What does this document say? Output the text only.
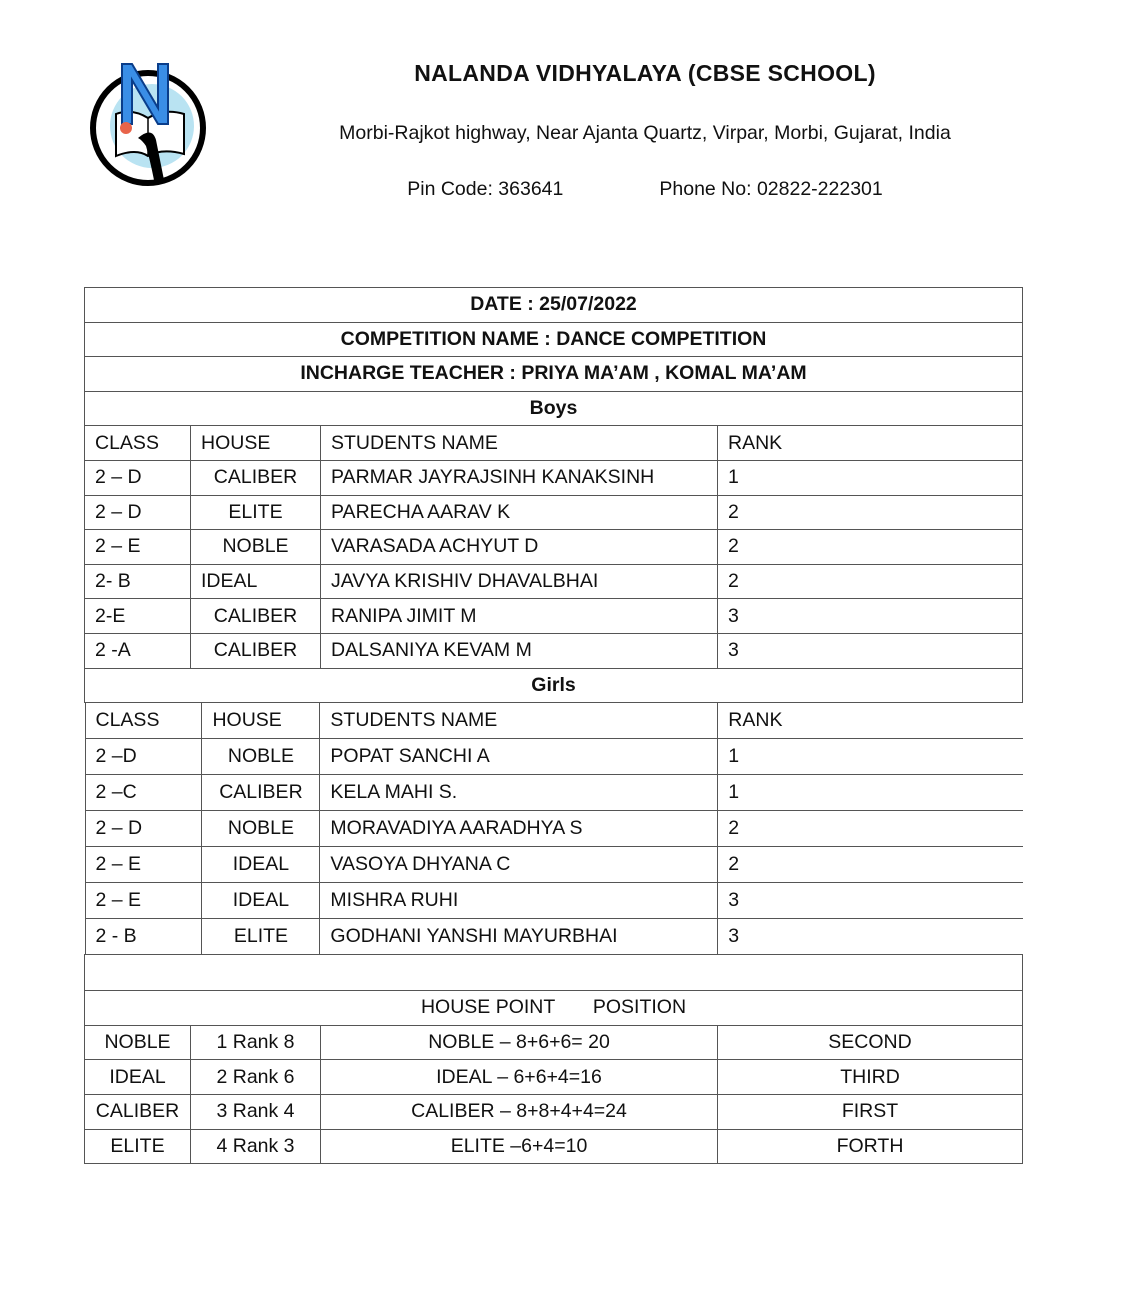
NALANDA VIDHYALAYA (CBSE SCHOOL)
Morbi-Rajkot highway, Near Ajanta Quartz, Virpar, Morbi, Gujarat, India
Pin Code: 363641	Phone No: 02822-222301
DATE : 25/07/2022
COMPETITION NAME : DANCE COMPETITION
INCHARGE TEACHER : PRIYA MA’AM , KOMAL MA’AM
Boys
CLASS	HOUSE	STUDENTS NAME	RANK
2 – D	CALIBER	PARMAR JAYRAJSINH KANAKSINH	1
2 – D	ELITE	PARECHA AARAV K	2
2 – E	NOBLE	VARASADA ACHYUT D	2
2- B	IDEAL	JAVYA KRISHIV DHAVALBHAI	2
2-E	CALIBER	RANIPA JIMIT M	3
2 -A	CALIBER	DALSANIYA KEVAM M	3
Girls

CLASS	HOUSE	STUDENTS NAME	RANK
2 –D	NOBLE	POPAT SANCHI A	1
2 –C	CALIBER	KELA MAHI S.	1
2 – D	NOBLE	MORAVADIYA AARADHYA S	2
2 – E	IDEAL	VASOYA DHYANA C	2
2 – E	IDEAL	MISHRA RUHI	3
2 - B	ELITE	GODHANI YANSHI MAYURBHAI	3

HOUSE POINT       POSITION
NOBLE	1 Rank 8	NOBLE – 8+6+6= 20	SECOND
IDEAL	2 Rank 6	IDEAL – 6+6+4=16	THIRD
CALIBER	3 Rank 4	CALIBER – 8+8+4+4=24	FIRST
ELITE	4 Rank 3	ELITE –6+4=10	FORTH
